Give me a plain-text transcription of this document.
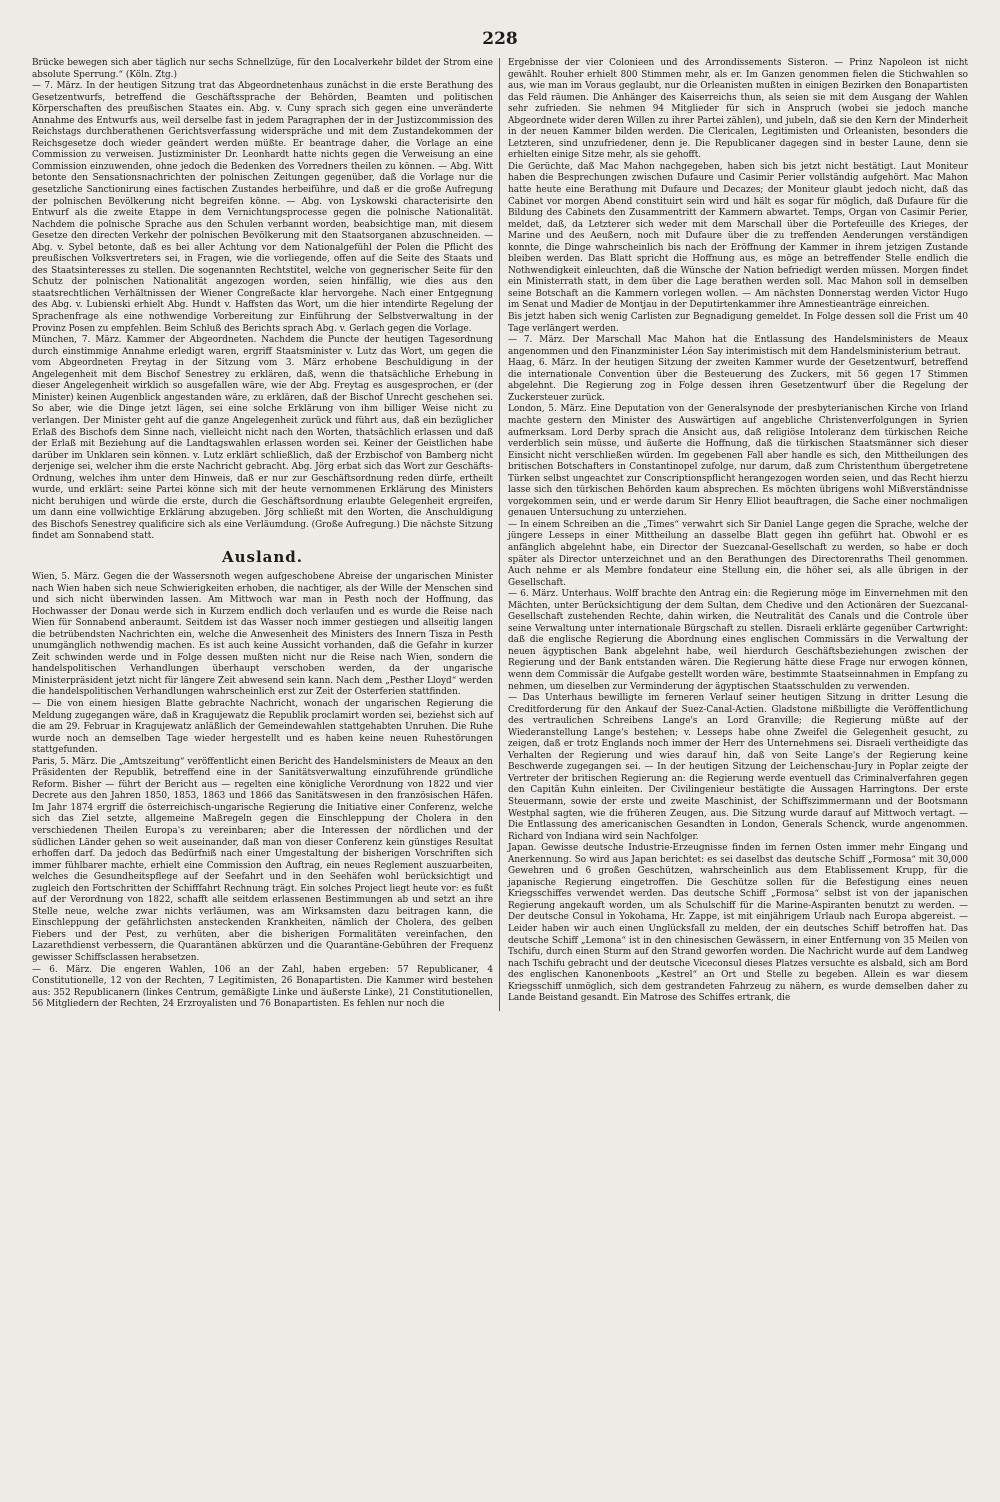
228

Brücke bewegen sich aber täglich nur sechs Schnellzüge, für den Localverkehr bildet der Strom eine absolute Sperrung.“ (Köln. Ztg.)

— 7. März. In der heutigen Sitzung trat das Abgeordnetenhaus zunächst in die erste Berathung des Gesetzentwurfs, betreffend die Geschäftssprache der Behörden, Beamten und politischen Körperschaften des preußischen Staates ein. Abg. v. Cuny sprach sich gegen eine unveränderte Annahme des Entwurfs aus, weil derselbe fast in jedem Paragraphen der in der Justizcommission des Reichstags durchberathenen Gerichtsverfassung widerspräche und mit dem Zustandekommen der Reichsgesetze doch wieder geändert werden müßte. Er beantrage daher, die Vorlage an eine Commission zu verweisen. Justizminister Dr. Leonhardt hatte nichts gegen die Verweisung an eine Commission einzuwenden, ohne jedoch die Bedenken des Vorredners theilen zu können. — Abg. Witt betonte den Sensationsnachrichten der polnischen Zeitungen gegenüber, daß die Vorlage nur die gesetzliche Sanctionirung eines factischen Zustandes herbeiführe, und daß er die große Aufregung der polnischen Bevölkerung nicht begreifen könne. — Abg. von Lyskowski characterisirte den Entwurf als die zweite Etappe in dem Vernichtungsprocesse gegen die polnische Nationalität. Nachdem die polnische Sprache aus den Schulen verbannt worden, beabsichtige man, mit diesem Gesetze den directen Verkehr der polnischen Bevölkerung mit den Staatsorganen abzuschneiden. — Abg. v. Sybel betonte, daß es bei aller Achtung vor dem Nationalgefühl der Polen die Pflicht des preußischen Volksvertreters sei, in Fragen, wie die vorliegende, offen auf die Seite des Staats und des Staatsinteresses zu stellen. Die sogenannten Rechtstitel, welche von gegnerischer Seite für den Schutz der polnischen Nationalität angezogen worden, seien hinfällig, wie dies aus den staatsrechtlichen Verhältnissen der Wiener Congreßacte klar hervorgehe. Nach einer Entgegnung des Abg. v. Lubienski erhielt Abg. Hundt v. Haffsten das Wort, um die hier intendirte Regelung der Sprachenfrage als eine nothwendige Vorbereitung zur Einführung der Selbstverwaltung in der Provinz Posen zu empfehlen. Beim Schluß des Berichts sprach Abg. v. Gerlach gegen die Vorlage.

München, 7. März. Kammer der Abgeordneten. Nachdem die Puncte der heutigen Tagesordnung durch einstimmige Annahme erledigt waren, ergriff Staatsminister v. Lutz das Wort, um gegen die vom Abgeordneten Freytag in der Sitzung vom 3. März erhobene Beschuldigung in der Angelegenheit mit dem Bischof Senestrey zu erklären, daß, wenn die thatsächliche Erhebung in dieser Angelegenheit wirklich so ausgefallen wäre, wie der Abg. Freytag es ausgesprochen, er (der Minister) keinen Augenblick angestanden wäre, zu erklären, daß der Bischof Unrecht geschehen sei. So aber, wie die Dinge jetzt lägen, sei eine solche Erklärung von ihm billiger Weise nicht zu verlangen. Der Minister geht auf die ganze Angelegenheit zurück und führt aus, daß ein bezüglicher Erlaß des Bischofs dem Sinne nach, vielleicht nicht nach den Worten, thatsächlich erlassen und daß der Erlaß mit Beziehung auf die Landtagswahlen erlassen worden sei. Keiner der Geistlichen habe darüber im Unklaren sein können. v. Lutz erklärt schließlich, daß der Erzbischof von Bamberg nicht derjenige sei, welcher ihm die erste Nachricht gebracht. Abg. Jörg erbat sich das Wort zur Geschäfts-Ordnung, welches ihm unter dem Hinweis, daß er nur zur Geschäftsordnung reden dürfe, ertheilt wurde, und erklärt: seine Partei könne sich mit der heute vernommenen Erklärung des Ministers nicht beruhigen und würde die erste, durch die Geschäftsordnung erlaubte Gelegenheit ergreifen, um dann eine vollwichtige Erklärung abzugeben. Jörg schließt mit den Worten, die Anschuldigung des Bischofs Senestrey qualificire sich als eine Verläumdung. (Große Aufregung.) Die nächste Sitzung findet am Sonnabend statt.

Ausland.

Wien, 5. März. Gegen die der Wassersnoth wegen aufgeschobene Abreise der ungarischen Minister nach Wien haben sich neue Schwierigkeiten erhoben, die nachtiger, als der Wille der Menschen sind und sich nicht überwinden lassen. Am Mittwoch war man in Pesth noch der Hoffnung, das Hochwasser der Donau werde sich in Kurzem endlich doch verlaufen und es wurde die Reise nach Wien für Sonnabend anberaumt. Seitdem ist das Wasser noch immer gestiegen und allseitig langen die betrübendsten Nachrichten ein, welche die Anwesenheit des Ministers des Innern Tisza in Pesth unumgänglich nothwendig machen. Es ist auch keine Aussicht vorhanden, daß die Gefahr in kurzer Zeit schwinden werde und in Folge dessen mußten nicht nur die Reise nach Wien, sondern die handelspolitischen Verhandlungen überhaupt verschoben werden, da der ungarische Ministerpräsident jetzt nicht für längere Zeit abwesend sein kann. Nach dem „Pesther Lloyd“ werden die handelspolitischen Verhandlungen wahrscheinlich erst zur Zeit der Osterferien stattfinden.

— Die von einem hiesigen Blatte gebrachte Nachricht, wonach der ungarischen Regierung die Meldung zugegangen wäre, daß in Kragujewatz die Republik proclamirt worden sei, beziehst sich auf die am 29. Februar in Kragujewatz anläßlich der Gemeindewahlen stattgehabten Unruhen. Die Ruhe wurde noch an demselben Tage wieder hergestellt und es haben keine neuen Ruhestörungen stattgefunden.

Paris, 5. März. Die „Amtszeitung“ veröffentlicht einen Bericht des Handelsministers de Meaux an den Präsidenten der Republik, betreffend eine in der Sanitätsverwaltung einzuführende gründliche Reform. Bisher — führt der Bericht aus — regelten eine königliche Verordnung von 1822 und vier Decrete aus den Jahren 1850, 1853, 1863 und 1866 das Sanitätswesen in den französischen Häfen. Im Jahr 1874 ergriff die österreichisch-ungarische Regierung die Initiative einer Conferenz, welche sich das Ziel setzte, allgemeine Maßregeln gegen die Einschleppung der Cholera in den verschiedenen Theilen Europa's zu vereinbaren; aber die Interessen der nördlichen und der südlichen Länder gehen so weit auseinander, daß man von dieser Conferenz kein günstiges Resultat erhoffen darf. Da jedoch das Bedürfniß nach einer Umgestaltung der bisherigen Vorschriften sich immer fühlbarer machte, erhielt eine Commission den Auftrag, ein neues Reglement auszuarbeiten, welches die Gesundheitspflege auf der Seefahrt und in den Seehäfen wohl berücksichtigt und zugleich den Fortschritten der Schifffahrt Rechnung trägt. Ein solches Project liegt heute vor: es fußt auf der Verordnung von 1822, schafft alle seitdem erlassenen Bestimmungen ab und setzt an ihre Stelle neue, welche zwar nichts verläumen, was am Wirksamsten dazu beitragen kann, die Einschleppung der gefährlichsten ansteckenden Krankheiten, nämlich der Cholera, des gelben Fiebers und der Pest, zu verhüten, aber die bisherigen Formalitäten vereinfachen, den Lazarethdienst verbessern, die Quarantänen abkürzen und die Quarantäne-Gebühren der Frequenz gewisser Schiffsclassen herabsetzen.

— 6. März. Die engeren Wahlen, 106 an der Zahl, haben ergeben: 57 Republicaner, 4 Constitutionelle, 12 von der Rechten, 7 Legitimisten, 26 Bonapartisten. Die Kammer wird bestehen aus: 352 Republicanern (linkes Centrum, gemäßigte Linke und äußerste Linke), 21 Constitutionellen, 56 Mitgliedern der Rechten, 24 Erzroyalisten und 76 Bonapartisten. Es fehlen nur noch die

Ergebnisse der vier Colonieen und des Arrondissements Sisteron. — Prinz Napoleon ist nicht gewählt. Rouher erhielt 800 Stimmen mehr, als er. Im Ganzen genommen fielen die Stichwahlen so aus, wie man im Voraus geglaubt, nur die Orleanisten mußten in einigen Bezirken den Bonapartisten das Feld räumen. Die Anhänger des Kaiserreichs thun, als seien sie mit dem Ausgang der Wahlen sehr zufrieden. Sie nehmen 94 Mitglieder für sich in Anspruch (wobei sie jedoch manche Abgeordnete wider deren Willen zu ihrer Partei zählen), und jubeln, daß sie den Kern der Minderheit in der neuen Kammer bilden werden. Die Clericalen, Legitimisten und Orleanisten, besonders die Letzteren, sind unzufriedener, denn je. Die Republicaner dagegen sind in bester Laune, denn sie erhielten einige Sitze mehr, als sie gehofft.

Die Gerüchte, daß Mac Mahon nachgegeben, haben sich bis jetzt nicht bestätigt. Laut Moniteur haben die Besprechungen zwischen Dufaure und Casimir Perier vollständig aufgehört. Mac Mahon hatte heute eine Berathung mit Dufaure und Decazes; der Moniteur glaubt jedoch nicht, daß das Cabinet vor morgen Abend constituirt sein wird und hält es sogar für möglich, daß Dufaure für die Bildung des Cabinets den Zusammentritt der Kammern abwartet. Temps, Organ von Casimir Perier, meldet, daß, da Letzterer sich weder mit dem Marschall über die Portefeuille des Krieges, der Marine und des Aeußern, noch mit Dufaure über die zu treffenden Aenderungen verständigen konnte, die Dinge wahrscheinlich bis nach der Eröffnung der Kammer in ihrem jetzigen Zustande bleiben werden. Das Blatt spricht die Hoffnung aus, es möge an betreffender Stelle endlich die Nothwendigkeit einleuchten, daß die Wünsche der Nation befriedigt werden müssen. Morgen findet ein Ministerrath statt, in dem über die Lage berathen werden soll. Mac Mahon soll in demselben seine Botschaft an die Kammern vorlegen wollen. — Am nächsten Donnerstag werden Victor Hugo im Senat und Madier de Montjau in der Deputirtenkammer ihre Amnestieanträge einreichen.

Bis jetzt haben sich wenig Carlisten zur Begnadigung gemeldet. In Folge dessen soll die Frist um 40 Tage verlängert werden.

— 7. März. Der Marschall Mac Mahon hat die Entlassung des Handelsministers de Meaux angenommen und den Finanzminister Léon Say interimistisch mit dem Handelsministerium betraut.

Haag, 6. März. In der heutigen Sitzung der zweiten Kammer wurde der Gesetzentwurf, betreffend die internationale Convention über die Besteuerung des Zuckers, mit 56 gegen 17 Stimmen abgelehnt. Die Regierung zog in Folge dessen ihren Gesetzentwurf über die Regelung der Zuckersteuer zurück.

London, 5. März. Eine Deputation von der Generalsynode der presbyterianischen Kirche von Irland machte gestern den Minister des Auswärtigen auf angebliche Christenverfolgungen in Syrien aufmerksam. Lord Derby sprach die Ansicht aus, daß religiöse Intoleranz dem türkischen Reiche verderblich sein müsse, und äußerte die Hoffnung, daß die türkischen Staatsmänner sich dieser Einsicht nicht verschließen würden. Im gegebenen Fall aber handle es sich, den Mittheilungen des britischen Botschafters in Constantinopel zufolge, nur darum, daß zum Christenthum übergetretene Türken selbst ungeachtet zur Conscriptionspflicht herangezogen worden seien, und das Recht hierzu lasse sich den türkischen Behörden kaum absprechen. Es möchten übrigens wohl Mißverständnisse vorgekommen sein, und er werde darum Sir Henry Elliot beauftragen, die Sache einer nochmaligen genauen Untersuchung zu unterziehen.

— In einem Schreiben an die „Times“ verwahrt sich Sir Daniel Lange gegen die Sprache, welche der jüngere Lesseps in einer Mittheilung an dasselbe Blatt gegen ihn geführt hat. Obwohl er es anfänglich abgelehnt habe, ein Director der Suezcanal-Gesellschaft zu werden, so habe er doch später als Director unterzeichnet und an den Berathungen des Directorenraths Theil genommen. Auch nehme er als Membre fondateur eine Stellung ein, die höher sei, als alle übrigen in der Gesellschaft.

— 6. März. Unterhaus. Wolff brachte den Antrag ein: die Regierung möge im Einvernehmen mit den Mächten, unter Berücksichtigung der dem Sultan, dem Chedive und den Actionären der Suezcanal-Gesellschaft zustehenden Rechte, dahin wirken, die Neutralität des Canals und die Controle über seine Verwaltung unter internationale Bürgschaft zu stellen. Disraeli erklärte gegenüber Cartwright: daß die englische Regierung die Abordnung eines englischen Commissärs in die Verwaltung der neuen ägyptischen Bank abgelehnt habe, weil hierdurch Geschäftsbeziehungen zwischen der Regierung und der Bank entstanden wären. Die Regierung hätte diese Frage nur erwogen können, wenn dem Commissär die Aufgabe gestellt worden wäre, bestimmte Staatseinnahmen in Empfang zu nehmen, um dieselben zur Verminderung der ägyptischen Staatsschulden zu verwenden.

— Das Unterhaus bewilligte im ferneren Verlauf seiner heutigen Sitzung in dritter Lesung die Creditforderung für den Ankauf der Suez-Canal-Actien. Gladstone mißbilligte die Veröffentlichung des vertraulichen Schreibens Lange's an Lord Granville; die Regierung müßte auf der Wiederanstellung Lange's bestehen; v. Lesseps habe ohne Zweifel die Gelegenheit gesucht, zu zeigen, daß er trotz Englands noch immer der Herr des Unternehmens sei. Disraeli vertheidigte das Verhalten der Regierung und wies darauf hin, daß von Seite Lange's der Regierung keine Beschwerde zugegangen sei. — In der heutigen Sitzung der Leichenschau-Jury in Poplar zeigte der Vertreter der britischen Regierung an: die Regierung werde eventuell das Criminalverfahren gegen den Capitän Kuhn einleiten. Der Civilingenieur bestätigte die Aussagen Harringtons. Der erste Steuermann, sowie der erste und zweite Maschinist, der Schiffszimmermann und der Bootsmann Westphal sagten, wie die früheren Zeugen, aus. Die Sitzung wurde darauf auf Mittwoch vertagt. — Die Entlassung des americanischen Gesandten in London, Generals Schenck, wurde angenommen. Richard von Indiana wird sein Nachfolger.

Japan. Gewisse deutsche Industrie-Erzeugnisse finden im fernen Osten immer mehr Eingang und Anerkennung. So wird aus Japan berichtet: es sei daselbst das deutsche Schiff „Formosa“ mit 30,000 Gewehren und 6 großen Geschützen, wahrscheinlich aus dem Etablissement Krupp, für die japanische Regierung eingetroffen. Die Geschütze sollen für die Befestigung eines neuen Kriegsschiffes verwendet werden. Das deutsche Schiff „Formosa“ selbst ist von der japanischen Regierung angekauft worden, um als Schulschiff für die Marine-Aspiranten benutzt zu werden. — Der deutsche Consul in Yokohama, Hr. Zappe, ist mit einjährigem Urlaub nach Europa abgereist. — Leider haben wir auch einen Unglücksfall zu melden, der ein deutsches Schiff betroffen hat. Das deutsche Schiff „Lemona“ ist in den chinesischen Gewässern, in einer Entfernung von 35 Meilen von Tschifu, durch einen Sturm auf den Strand geworfen worden. Die Nachricht wurde auf dem Landweg nach Tschifu gebracht und der deutsche Viceconsul dieses Platzes versuchte es alsbald, sich am Bord des englischen Kanonenboots „Kestrel“ an Ort und Stelle zu begeben. Allein es war diesem Kriegsschiff unmöglich, sich dem gestrandeten Fahrzeug zu nähern, es wurde demselben daher zu Lande Beistand gesandt. Ein Matrose des Schiffes ertrank, die
